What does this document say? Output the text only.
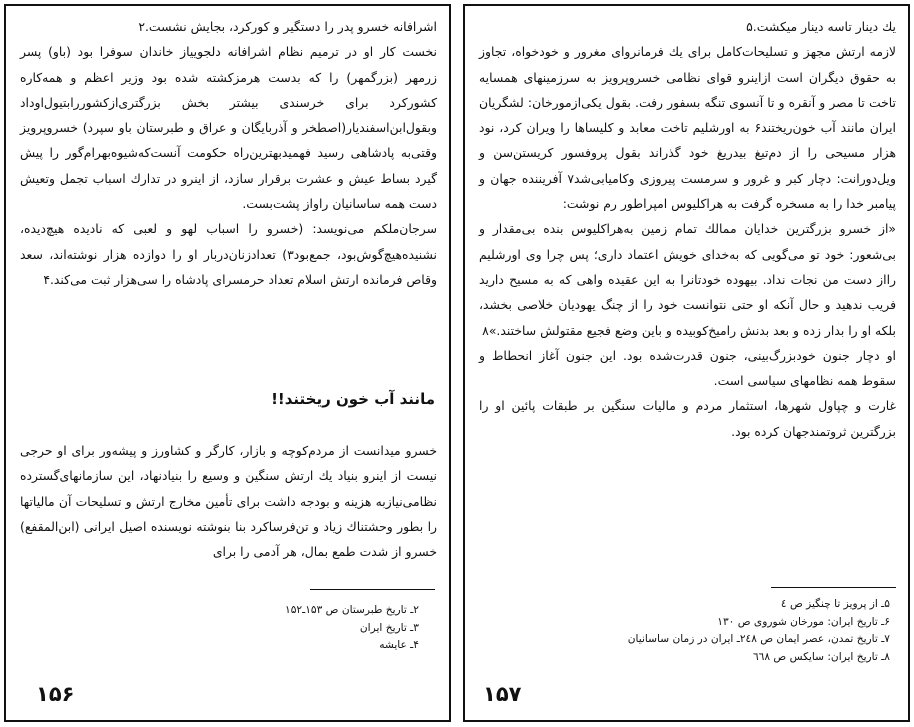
اشرافانه خسرو پدر را دستگیر و کورکرد، بجایش نشست.۲

نخست کار او در ترمیم نظام اشرافانه دلجوییاز خاندان سوفرا بود (باو) پسر زرمهر (بزرگمهر) را که بدست هرمزکشته شده بود وزیر اعظم و همه‌کاره کشورکرد برای خرسندی بیشتر بخش بزرگتری‌ازکشوررا‌بتیول‌اوداد و‌بقول‌ابن‌اسفندیار(اصطخر و آذربایگان و عراق و طبرستان باو سپرد) خسروپرویز وقتی‌به پادشاهی رسید فهمید‌بهترین‌راه حکومت آنست‌که‌شیوه‌بهرام‌گور را پیش گیرد بساط عیش و عشرت برقرار سازد، از اینرو در تدارك اسباب تجمل وتعیش دست همه ساسانیان راواز پشت‌بست.

سرجان‌ملکم می‌نویسد: (خسرو را اسباب لهو و لعبی که نادیده هیچ‌دیده، نشنیده‌هیچ‌گوش‌بود، جمع‌بود۳) تعدادزنان‌دربار او را دوازده هزار نوشته‌اند، سعد وقاص فرمانده ارتش اسلام تعداد حرمسرای پادشاه را سی‌هزار ثبت می‌کند.۴

مانند آب خون ریختند!!

خسرو میدانست از مردم‌کوچه و بازار، کارگر و کشاورز و پیشه‌ور برای او حرجی نیست از اینرو بنیاد یك ارتش سنگین و وسیع را بنیادنهاد، این سازمانهای‌گسترده نظامی‌نیازبه هزینه و بودجه داشت برای تأمین مخارج ارتش و تسلیحات آن مالیاتها را بطور وحشتناك زیاد و تن‌فرساکرد بنا بنوشته نویسنده اصیل ایرانی (ابن‌المقفع) خسرو از شدت طمع بمال، هر آدمی را برای

۲ـ تاریخ طبرستان ص ۱۵۳ـ۱۵۲
۳ـ تاریخ ایران
۴ـ عایشه
۱۵۶

یك دینار تاسه دینار میکشت.۵

لازمه ارتش مجهز و تسلیحات‌کامل برای یك فرمانروای مغرور و خودخواه، تجاوز به حقوق دیگران است ازاینرو قوای نظامی خسروپرویز به سرزمینهای همسایه تاخت تا مصر و آنقره و تا آنسوی تنگه بسفور رفت. بقول یکی‌ازمورخان: لشگریان ایران مانند آب خون‌ریختند۶ به اورشلیم تاخت معابد و کلیساها را ویران کرد، نود هزار مسیحی را از دم‌تیغ بیدریغ خود گذراند بقول پروفسور کریستن‌سن و ویل‌دورانت: دچار کبر و غرور و سرمست پیروزی وکامیابی‌شد۷ آفریننده جهان و پیامبر خدا را به مسخره گرفت به هراکلیوس امپراطور رم نوشت:

«از خسرو بزرگترین خدایان ممالك تمام زمین به‌هراکلیوس بنده بی‌مقدار و بی‌شعور: خود تو می‌گویی که به‌خدای خویش اعتماد داری؛ پس چرا وی اورشلیم رااز دست من نجات نداد. بیهوده خودتانرا به این عقیده واهی که به مسیح دارید فریب ندهید و حال آنکه او حتی نتوانست خود را از چنگ یهودیان خلاصی بخشد، بلکه او را بدار زده و بعد بدنش رامیخ‌کوبیده و باین وضع فجیع مقتولش ساختند.»۸

او دچار جنون خودبزرگ‌بینی، جنون قدرت‌شده بود. این جنون آغاز انحطاط و سقوط همه نظامهای سیاسی است.

غارت و چپاول شهرها، استثمار مردم و مالیات سنگین بر طبقات پائین او را بزرگترین ثروتمندجهان کرده بود.

۵ـ از پرویز تا چنگیز ص ٤
۶ـ تاریخ ایران: مورخان شوروی ص ۱۳۰
۷ـ تاریخ تمدن، عصر ایمان ص ۲٤۸ـ ایران در زمان ساسانیان
۸ـ تاریخ ایران: سایکس ص ٦٦۸
۱۵۷
